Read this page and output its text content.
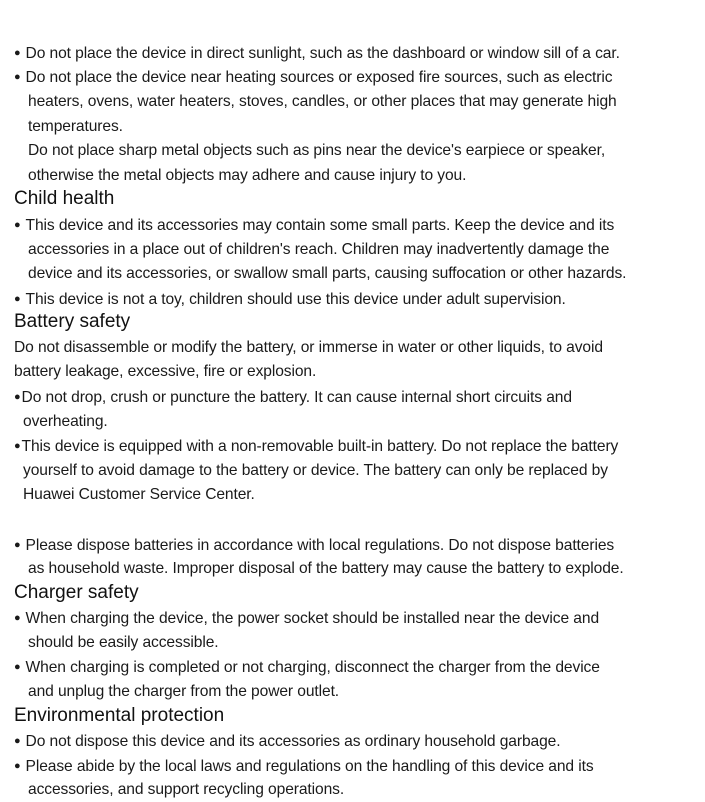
● Do not place the device in direct sunlight, such as the dashboard or window sill of a car.
● Do not place the device near heating sources or exposed fire sources, such as electric
heaters, ovens, water heaters, stoves, candles, or other places that may generate high
temperatures.
Do not place sharp metal objects such as pins near the device's earpiece or speaker,
otherwise the metal objects may adhere and cause injury to you.
Child health
● This device and its accessories may contain some small parts. Keep the device and its
accessories in a place out of children's reach. Children may inadvertently damage the
device and its accessories, or swallow small parts, causing suffocation or other hazards.
● This device is not a toy, children should use this device under adult supervision.
Battery safety
Do not disassemble or modify the battery, or immerse in water or other liquids, to avoid
battery leakage, excessive, fire or explosion.
●Do not drop, crush or puncture the battery. It can cause internal short circuits and
overheating.
●This device is equipped with a non-removable built-in battery. Do not replace the battery
yourself to avoid damage to the battery or device. The battery can only be replaced by
Huawei Customer Service Center.
● Please dispose batteries in accordance with local regulations. Do not dispose batteries
as household waste. Improper disposal of the battery may cause the battery to explode.
Charger safety
● When charging the device, the power socket should be installed near the device and
should be easily accessible.
● When charging is completed or not charging, disconnect the charger from the device
and unplug the charger from the power outlet.
Environmental protection
● Do not dispose this device and its accessories as ordinary household garbage.
● Please abide by the local laws and regulations on the handling of this device and its
accessories, and support recycling operations.
